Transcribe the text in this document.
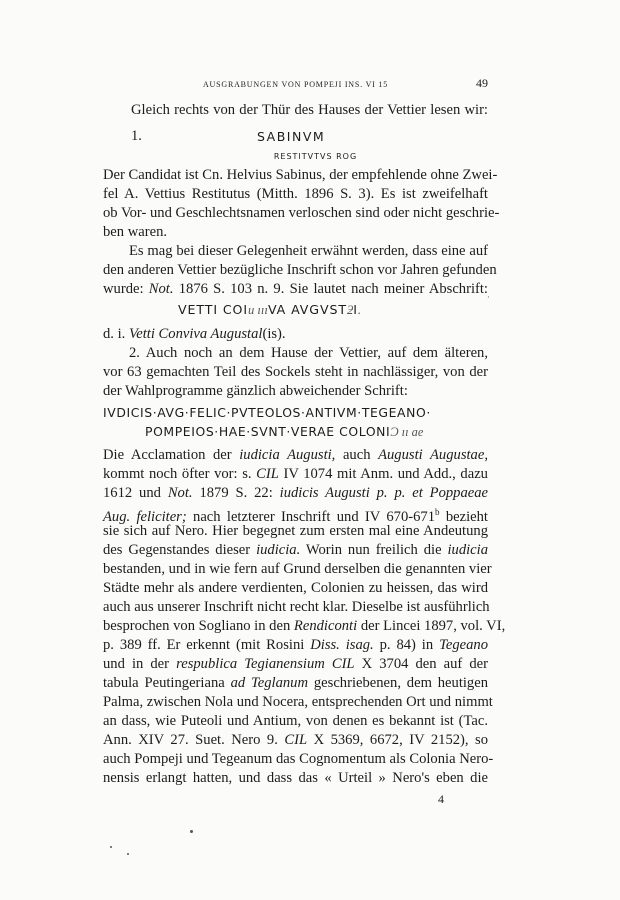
AUSGRABUNGEN VON POMPEJI INS. VI 15	49
Gleich rechts von der Thür des Hauses der Vettier lesen wir:
1.	SABINVM
RESTITVTVS ROG
Der Candidat ist Cn. Helvius Sabinus, der empfehlende ohne Zwei-
fel A. Vettius Restitutus (Mitth. 1896 S. 3). Es ist zweifelhaft
ob Vor- und Geschlechtsnamen verloschen sind oder nicht geschrie-
ben waren.
Es mag bei dieser Gelegenheit erwähnt werden, dass eine auf
den anderen Vettier bezügliche Inschrift schon vor Jahren gefunden
wurde: Not. 1876 S. 103 n. 9. Sie lautet nach meiner Abschrift:
VETTI COIu ıııVA AVGVSTƻI.
·
d. i. Vetti Conviva Augustal(is).
2. Auch noch an dem Hause der Vettier, auf dem älteren,
vor 63 gemachten Teil des Sockels steht in nachlässiger, von der
der Wahlprogramme gänzlich abweichender Schrift:
IVDICIS·AVG·FELIC·PVTEOLOS·ANTIVM·TEGEANO·
POMPEIOS·HAE·SVNT·VERAE COLONIƆ ıı ae
Die Acclamation der iudicia Augusti, auch Augusti Augustae,
kommt noch öfter vor: s. CIL IV 1074 mit Anm. und Add., dazu
1612 und Not. 1879 S. 22: iudicis Augusti p. p. et Poppaeae
Aug. feliciter; nach letzterer Inschrift und IV 670-671$^b$ bezieht
sie sich auf Nero. Hier begegnet zum ersten mal eine Andeutung
des Gegenstandes dieser iudicia. Worin nun freilich die iudicia
bestanden, und in wie fern auf Grund derselben die genannten vier
Städte mehr als andere verdienten, Colonien zu heissen, das wird
auch aus unserer Inschrift nicht recht klar. Dieselbe ist ausführlich
besprochen von Sogliano in den Rendiconti der Lincei 1897, vol. VI,
p. 389 ff. Er erkennt (mit Rosini Diss. isag. p. 84) in Tegeano
und in der respublica Tegianensium CIL X 3704 den auf der
tabula Peutingeriana ad Teglanum geschriebenen, dem heutigen
Palma, zwischen Nola und Nocera, entsprechenden Ort und nimmt
an dass, wie Puteoli und Antium, von denen es bekannt ist (Tac.
Ann. XIV 27. Suet. Nero 9. CIL X 5369, 6672, IV 2152), so
auch Pompeji und Tegeanum das Cognomentum als Colonia Nero-
nensis erlangt hatten, und dass das « Urteil » Nero's eben die
4
